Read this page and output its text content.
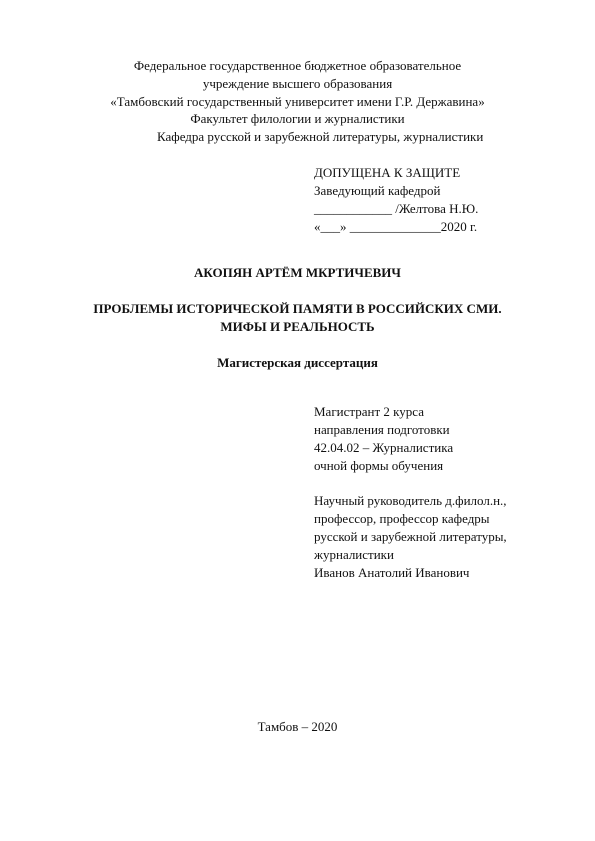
Федеральное государственное бюджетное образовательное
учреждение высшего образования
«Тамбовский государственный университет имени Г.Р. Державина»
Факультет филологии и журналистики
Кафедра русской и зарубежной литературы, журналистики
ДОПУЩЕНА К ЗАЩИТЕ
Заведующий кафедрой
____________ /Желтова Н.Ю.
«___» ______________2020 г.
АКОПЯН АРТЁМ МКРТИЧЕВИЧ
ПРОБЛЕМЫ ИСТОРИЧЕСКОЙ ПАМЯТИ В РОССИЙСКИХ СМИ.
МИФЫ И РЕАЛЬНОСТЬ
Магистерская диссертация
Магистрант 2 курса
направления подготовки
42.04.02 – Журналистика
очной формы обучения
Научный руководитель д.филол.н.,
профессор, профессор кафедры
русской и зарубежной литературы,
журналистики
Иванов Анатолий Иванович
Тамбов – 2020
